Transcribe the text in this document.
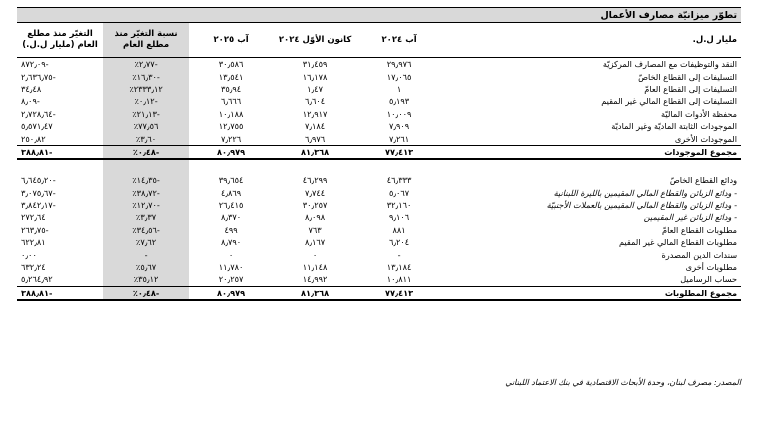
تطوّر ميزانيّة مصارف الأعمال					
مليار ل.ل.	آب ٢٠٢٤	كانون الأوّل ٢٠٢٤	آب ٢٠٢٥	نسبة التغيّر منذ مطلع العام	التغيّر منذ مطلع العام (مليار ل.ل.)
النقد والتوظيفات مع المصارف المركزيّة	٢٩٫٩٧٦	٣١٫٤٥٩	٣٠٫٥٨٦	-٢٫٧٧٪	-٨٧٢٫٠٩
التسليفات إلى القطاع الخاصّ	١٧٫٠٦٥	١٦٫١٧٨	١٣٫٥٤١	-١٦٫٣٠٪	-٢٫٦٣٦٫٧٥
التسليفات إلى القطاع العامّ	١	١٫٤٧	٣٥٫٩٤	٢٣٣٣٫١٢٪	٣٤٫٤٨
التسليفات إلى القطاع المالي غير المقيم	٥٫١٩٣	٦٫٦٠٤	٦٫٦٦٦	-٠٫١٢٪	-٨٫٠٩
محفظة الأدوات الماليّة	١٠٫٠٠٩	١٢٫٩١٧	١٠٫١٨٨	-٢١٫١٣٪	-٢٫٧٢٨٫٦٤
الموجودات الثابتة الماديّة وغير الماديّة	٧٫٩٠٩	٧٫١٨٤	١٢٫٧٥٥	٧٧٫٥٦٪	٥٫٥٧١٫٤٧
الموجودات الأخرى	٧٫٢٦١	٦٫٩٧٦	٧٫٢٢٦	٣٫٦٠٪	٢٥٠٫٨٢
مجموع الموجودات	٧٧٫٤١٣	٨١٫٣٦٨	٨٠٫٩٧٩	-٠٫٤٨٪	-٣٨٨٫٨١

ودائع القطاع الخاصّ	٤٦٫٣٣٣	٤٦٫٢٩٩	٣٩٫٦٥٤	-١٤٫٣٥٪	-٦٫٦٤٥٫٢٠
- ودائع الزبائن والقطاع المالي المقيمين بالليرة اللبنانية	٥٫٠٦٧	٧٫٧٤٤	٤٫٨٦٩	-٣٨٫٧٢٪	-٣٫٠٧٥٫٦٧
- ودائع الزبائن والقطاع المالي المقيمين بالعملات الأجنبيّة	٣٢٫١٦٠	٣٠٫٢٥٧	٢٦٫٤١٥	-١٢٫٧٠٪	-٣٫٨٤٢٫١٧
- ودائع الزبائن غير المقيمين	٩٫١٠٦	٨٫٠٩٨	٨٫٣٧٠	٣٫٣٧٪	٢٧٢٫٦٤
مطلوبات القطاع العامّ	٨٨١	٧٦٣	٤٩٩	-٣٤٫٥٦٪	-٢٦٣٫٧٥
مطلوبات القطاع المالي غير المقيم	٦٫٢٠٤	٨٫١٦٧	٨٫٧٩٠	٧٫٦٢٪	٦٢٢٫٨١
سندات الدين المصدرة	-	٠	٠	-	٠٫٠٠
مطلوبات أخرى	١٣٫١٨٤	١١٫١٤٨	١١٫٧٨٠	٥٫٦٧٪	٦٣٢٫٢٤
حساب الرساميل	١٠٫٨١١	١٤٫٩٩٢	٢٠٫٢٥٧	٣٥٫١٢٪	٥٫٢٦٤٫٩٢
مجموع المطلوبات	٧٧٫٤١٣	٨١٫٣٦٨	٨٠٫٩٧٩	-٠٫٤٨٪	-٣٨٨٫٨١
المصدر: مصرف لبنان، وحدة الأبحاث الاقتصادية في بنك الاعتماد اللبناني
